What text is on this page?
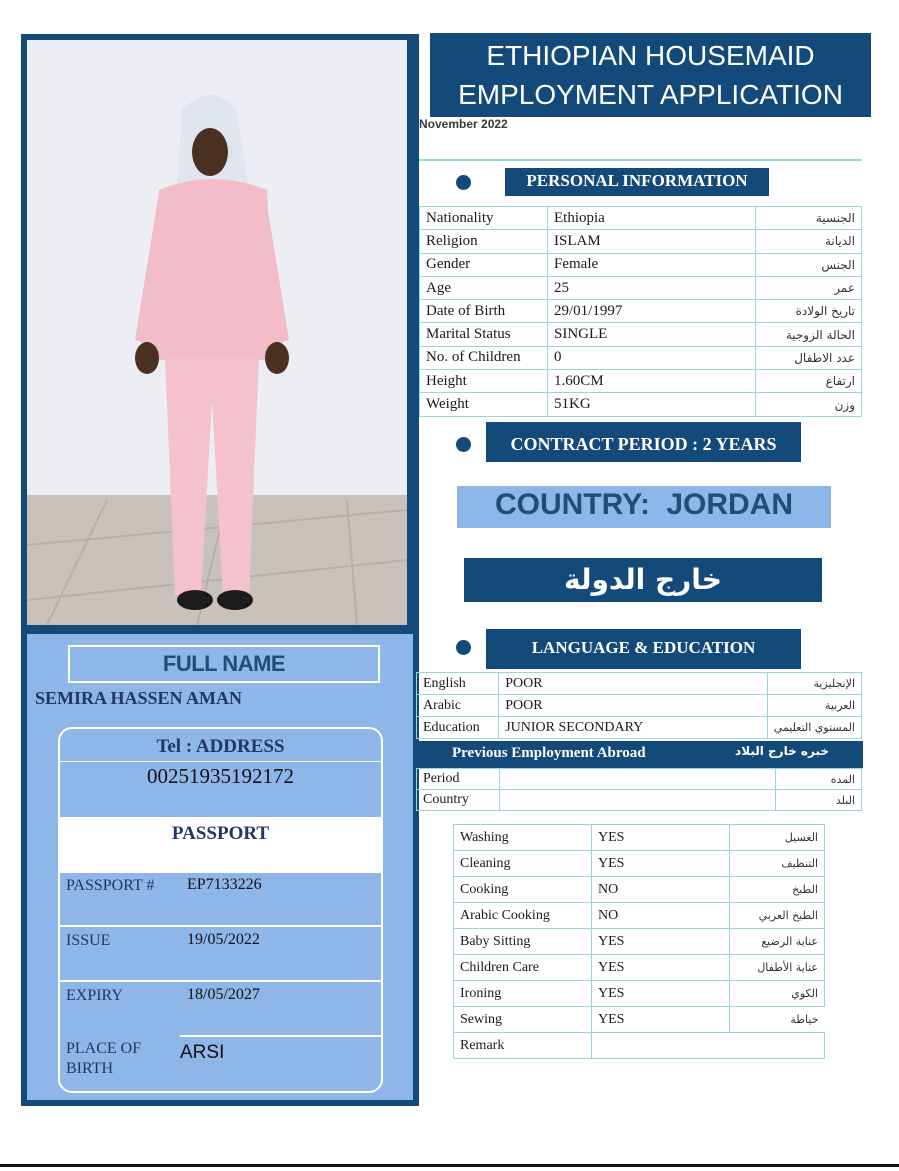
FULL NAME
SEMIRA HASSEN AMAN
Tel : ADDRESS
00251935192172
PASSPORT
PASSPORT # EP7133226
ISSUE	19/05/2022
EXPIRY	18/05/2027
PLACE OF BIRTH
ARSI
ETHIOPIAN HOUSEMAID
EMPLOYMENT APPLICATION
November 2022
PERSONAL INFORMATION
Nationality	Ethiopia	الجنسية
Religion	ISLAM	الديانة
Gender	Female	الجنس
Age	25	عمر
Date of Birth	29/01/1997	تاريخ الولادة
Marital Status	SINGLE	الحالة الزوجية
No. of Children	0	عدد الاطفال
Height	1.60CM	ارتفاع
Weight	51KG	وزن
CONTRACT PERIOD : 2 YEARS
COUNTRY: JORDAN
خارج الدولة
LANGUAGE & EDUCATION
English	POOR	الإنجليزية
Arabic	POOR	العربية
Education	JUNIOR SECONDARY	المستوي التعليمي
Previous Employment Abroad	خبره خارج البلاد
Period		المده
Country		البلد
Washing	YES	الغسيل
Cleaning	YES	التنظيف
Cooking	NO	الطبخ
Arabic Cooking	NO	الطبخ العربي
Baby Sitting	YES	عناية الرضيع
Children Care	YES	عناية الأطفال
Ironing	YES	الكوي
Sewing	YES	خياطة
Remark		
